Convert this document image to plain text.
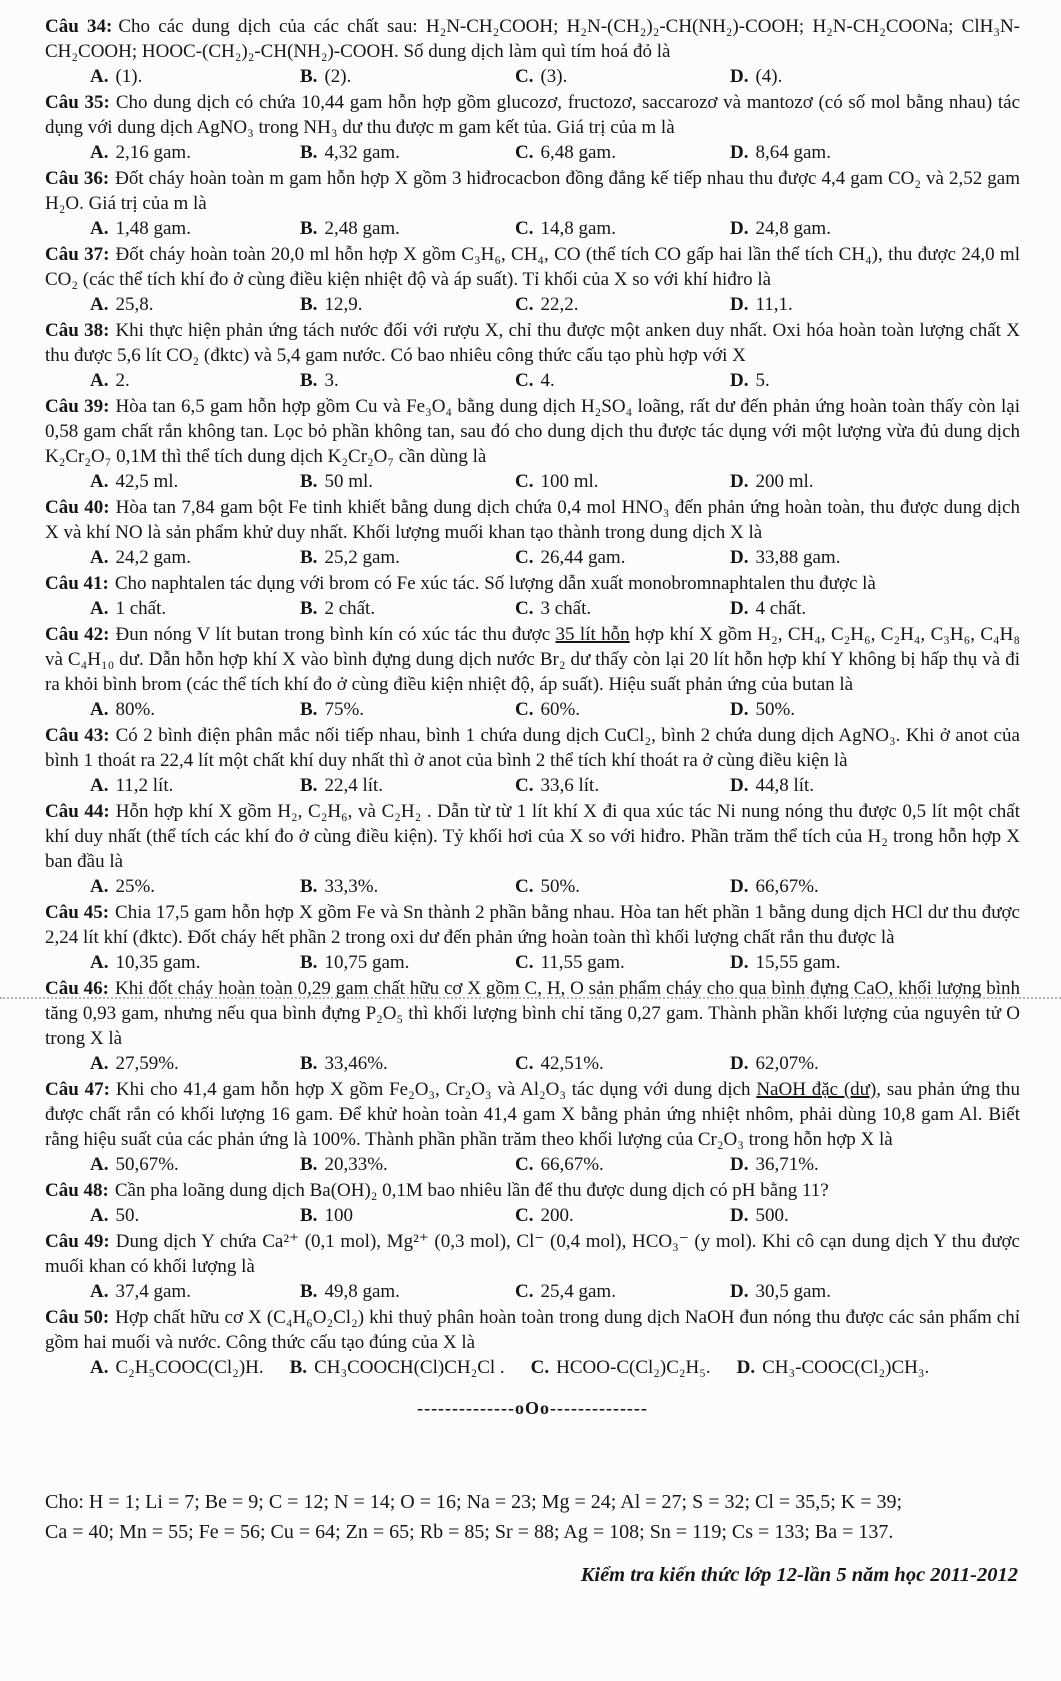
Câu 34: Cho các dung dịch của các chất sau: H₂N-CH₂COOH; H₂N-(CH₂)₂-CH(NH₂)-COOH; H₂N-CH₂COONa; ClH₃N-CH₂COOH; HOOC-(CH₂)₂-CH(NH₂)-COOH. Số dung dịch làm quì tím hoá đỏ là

A. (1).	B. (2).	C. (3).	D. (4).

Câu 35: Cho dung dịch có chứa 10,44 gam hỗn hợp gồm glucozơ, fructozơ, saccarozơ và mantozơ (có số mol bằng nhau) tác dụng với dung dịch AgNO₃ trong NH₃ dư thu được m gam kết tủa. Giá trị của m là

A. 2,16 gam.	B. 4,32 gam.	C. 6,48 gam.	D. 8,64 gam.

Câu 36: Đốt cháy hoàn toàn m gam hỗn hợp X gồm 3 hiđrocacbon đồng đẳng kế tiếp nhau thu được 4,4 gam CO₂ và 2,52 gam H₂O. Giá trị của m là

A. 1,48 gam.	B. 2,48 gam.	C. 14,8 gam.	D. 24,8 gam.

Câu 37: Đốt cháy hoàn toàn 20,0 ml hỗn hợp X gồm C₃H₆, CH₄, CO (thể tích CO gấp hai lần thể tích CH₄), thu được 24,0 ml CO₂ (các thể tích khí đo ở cùng điều kiện nhiệt độ và áp suất). Tỉ khối của X so với khí hiđro là

A. 25,8.	B. 12,9.	C. 22,2.	D. 11,1.

Câu 38: Khi thực hiện phản ứng tách nước đối với rượu X, chỉ thu được một anken duy nhất. Oxi hóa hoàn toàn lượng chất X thu được 5,6 lít CO₂ (đktc) và 5,4 gam nước. Có bao nhiêu công thức cấu tạo phù hợp với X

A. 2.	B. 3.	C. 4.	D. 5.

Câu 39: Hòa tan 6,5 gam hỗn hợp gồm Cu và Fe₃O₄ bằng dung dịch H₂SO₄ loãng, rất dư đến phản ứng hoàn toàn thấy còn lại 0,58 gam chất rắn không tan. Lọc bỏ phần không tan, sau đó cho dung dịch thu được tác dụng với một lượng vừa đủ dung dịch K₂Cr₂O₇ 0,1M thì thể tích dung dịch K₂Cr₂O₇ cần dùng là

A. 42,5 ml.	B. 50 ml.	C. 100 ml.	D. 200 ml.

Câu 40: Hòa tan 7,84 gam bột Fe tinh khiết bằng dung dịch chứa 0,4 mol HNO₃ đến phản ứng hoàn toàn, thu được dung dịch X và khí NO là sản phẩm khử duy nhất. Khối lượng muối khan tạo thành trong dung dịch X là

A. 24,2 gam.	B. 25,2 gam.	C. 26,44 gam.	D. 33,88 gam.

Câu 41: Cho naphtalen tác dụng với brom có Fe xúc tác. Số lượng dẫn xuất monobromnaphtalen thu được là

A. 1 chất.	B. 2 chất.	C. 3 chất.	D. 4 chất.

Câu 42: Đun nóng V lít butan trong bình kín có xúc tác thu được 35 lít hỗn hợp khí X gồm H₂, CH₄, C₂H₆, C₂H₄, C₃H₆, C₄H₈ và C₄H₁₀ dư. Dẫn hỗn hợp khí X vào bình đựng dung dịch nước Br₂ dư thấy còn lại 20 lít hỗn hợp khí Y không bị hấp thụ và đi ra khỏi bình brom (các thể tích khí đo ở cùng điều kiện nhiệt độ, áp suất). Hiệu suất phản ứng của butan là

A. 80%.	B. 75%.	C. 60%.	D. 50%.

Câu 43: Có 2 bình điện phân mắc nối tiếp nhau, bình 1 chứa dung dịch CuCl₂, bình 2 chứa dung dịch AgNO₃. Khi ở anot của bình 1 thoát ra 22,4 lít một chất khí duy nhất thì ở anot của bình 2 thể tích khí thoát ra ở cùng điều kiện là

A. 11,2 lít.	B. 22,4 lít.	C. 33,6 lít.	D. 44,8 lít.

Câu 44: Hỗn hợp khí X gồm H₂, C₂H₆, và C₂H₂ . Dẫn từ từ 1 lít khí X đi qua xúc tác Ni nung nóng thu được 0,5 lít một chất khí duy nhất (thể tích các khí đo ở cùng điều kiện). Tỷ khối hơi của X so với hiđro. Phần trăm thể tích của H₂ trong hỗn hợp X ban đầu là

A. 25%.	B. 33,3%.	C. 50%.	D. 66,67%.

Câu 45: Chia 17,5 gam hỗn hợp X gồm Fe và Sn thành 2 phần bằng nhau. Hòa tan hết phần 1 bằng dung dịch HCl dư thu được 2,24 lít khí (đktc). Đốt cháy hết phần 2 trong oxi dư đến phản ứng hoàn toàn thì khối lượng chất rắn thu được là

A. 10,35 gam.	B. 10,75 gam.	C. 11,55 gam.	D. 15,55 gam.

Câu 46: Khi đốt cháy hoàn toàn 0,29 gam chất hữu cơ X gồm C, H, O sản phẩm cháy cho qua bình đựng CaO, khối lượng bình tăng 0,93 gam, nhưng nếu qua bình đựng P₂O₅ thì khối lượng bình chỉ tăng 0,27 gam. Thành phần khối lượng của nguyên tử O trong X là

A. 27,59%.	B. 33,46%.	C. 42,51%.	D. 62,07%.

Câu 47: Khi cho 41,4 gam hỗn hợp X gồm Fe₂O₃, Cr₂O₃ và Al₂O₃ tác dụng với dung dịch NaOH đặc (dư), sau phản ứng thu được chất rắn có khối lượng 16 gam. Để khử hoàn toàn 41,4 gam X bằng phản ứng nhiệt nhôm, phải dùng 10,8 gam Al. Biết rằng hiệu suất của các phản ứng là 100%. Thành phần phần trăm theo khối lượng của Cr₂O₃ trong hỗn hợp X là

A. 50,67%.	B. 20,33%.	C. 66,67%.	D. 36,71%.

Câu 48: Cần pha loãng dung dịch Ba(OH)₂ 0,1M bao nhiêu lần để thu được dung dịch có pH bằng 11?

A. 50.	B. 100	C. 200.	D. 500.

Câu 49: Dung dịch Y chứa Ca²⁺ (0,1 mol), Mg²⁺ (0,3 mol), Cl⁻ (0,4 mol), HCO₃⁻ (y mol). Khi cô cạn dung dịch Y thu được muối khan có khối lượng là

A. 37,4 gam.	B. 49,8 gam.	C. 25,4 gam.	D. 30,5 gam.

Câu 50: Hợp chất hữu cơ X (C₄H₆O₂Cl₂) khi thuỷ phân hoàn toàn trong dung dịch NaOH đun nóng thu được các sản phẩm chỉ gồm hai muối và nước. Công thức cấu tạo đúng của X là

A. C₂H₅COOC(Cl₂)H. B. CH₃COOCH(Cl)CH₂Cl . C. HCOO-C(Cl₂)C₂H₅. D. CH₃-COOC(Cl₂)CH₃.

--------------oOo--------------

Cho: H = 1; Li = 7; Be = 9; C = 12; N = 14; O = 16; Na = 23; Mg = 24; Al = 27; S = 32; Cl = 35,5; K = 39;

Ca = 40; Mn = 55; Fe = 56; Cu = 64; Zn = 65; Rb = 85; Sr = 88; Ag = 108; Sn = 119; Cs = 133; Ba = 137.

Kiểm tra kiến thức lớp 12-lần 5 năm học 2011-2012
